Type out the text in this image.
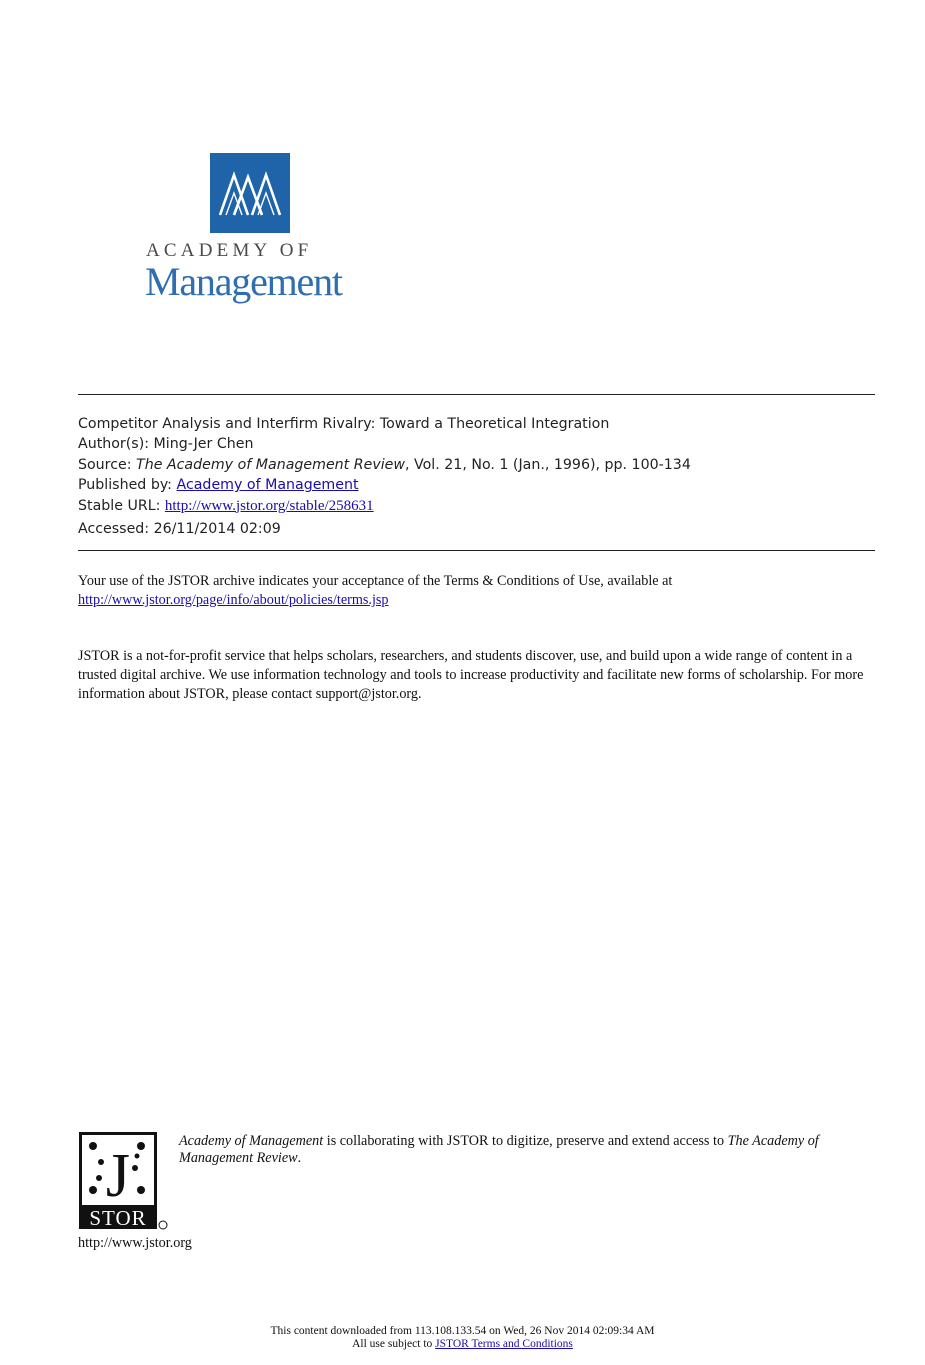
ACADEMY OF
Management
Competitor Analysis and Interfirm Rivalry: Toward a Theoretical Integration
Author(s): Ming-Jer Chen
Source: The Academy of Management Review, Vol. 21, No. 1 (Jan., 1996), pp. 100-134
Published by: Academy of Management
Stable URL: http://www.jstor.org/stable/258631
Accessed: 26/11/2014 02:09
Your use of the JSTOR archive indicates your acceptance of the Terms & Conditions of Use, available at
http://www.jstor.org/page/info/about/policies/terms.jsp
JSTOR is a not-for-profit service that helps scholars, researchers, and students discover, use, and build upon a wide range of content in a trusted digital archive. We use information technology and tools to increase productivity and facilitate new forms of scholarship. For more information about JSTOR, please contact support@jstor.org.
J
STOR
Academy of Management is collaborating with JSTOR to digitize, preserve and extend access to The Academy of Management Review.
http://www.jstor.org
This content downloaded from 113.108.133.54 on Wed, 26 Nov 2014 02:09:34 AM
All use subject to JSTOR Terms and Conditions
